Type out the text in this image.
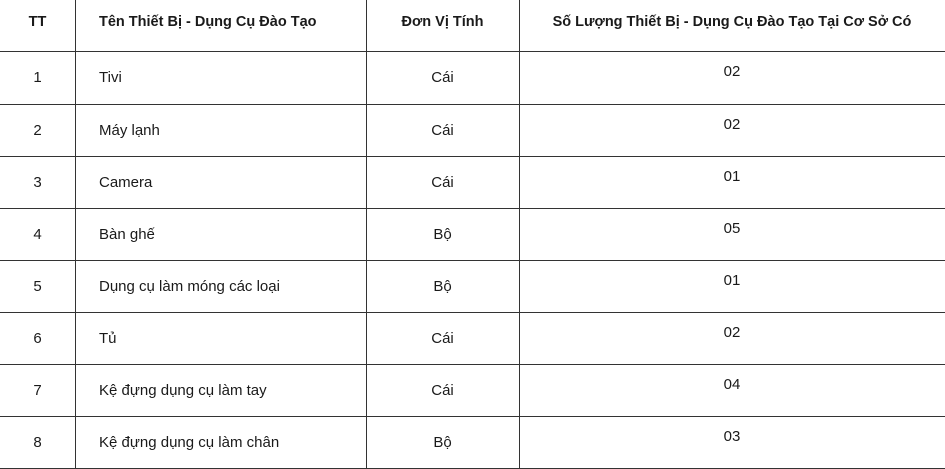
TT	Tên Thiết Bị - Dụng Cụ Đào Tạo	Đơn Vị Tính	Số Lượng Thiết Bị - Dụng Cụ Đào Tạo Tại Cơ Sở Có
1	Tivi	Cái	02
2	Máy lạnh	Cái	02
3	Camera	Cái	01
4	Bàn ghế	Bộ	05
5	Dụng cụ làm móng các loại	Bộ	01
6	Tủ	Cái	02
7	Kệ đựng dụng cụ làm tay	Cái	04
8	Kệ đựng dụng cụ làm chân	Bộ	03
